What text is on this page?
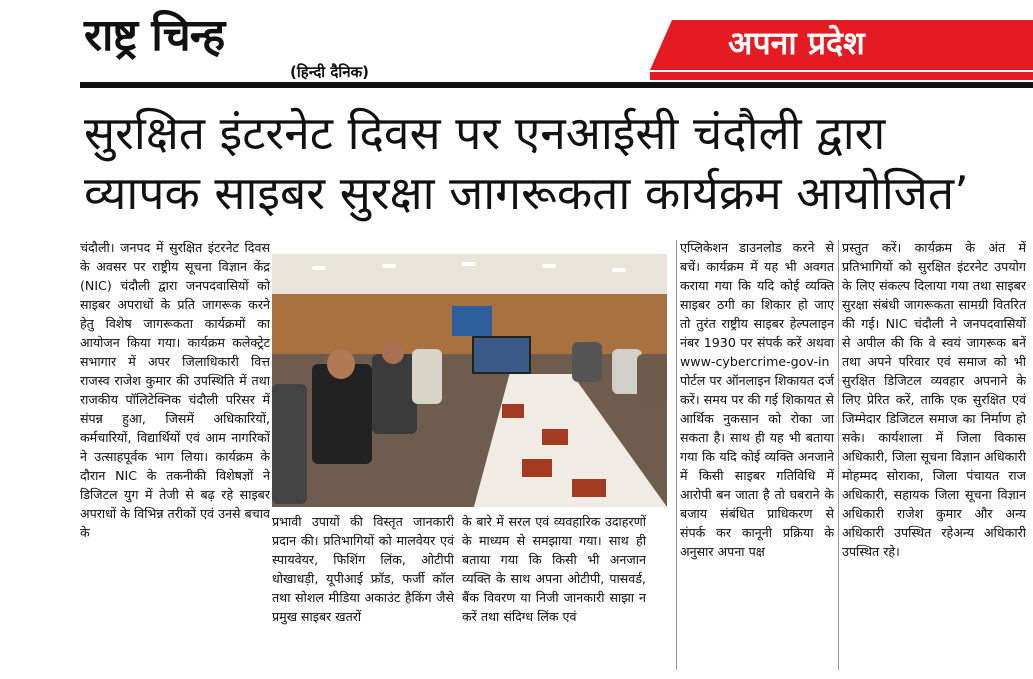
राष्ट्र चिन्ह
(हिन्दी दैनिक)
अपना प्रदेश
सुरक्षित इंटरनेट दिवस पर एनआईसी चंदौली द्वारा
व्यापक साइबर सुरक्षा जागरूकता कार्यक्रम आयोजित’
चंदौली। जनपद में सुरक्षित इंटरनेट दिवस के अवसर पर राष्ट्रीय सूचना विज्ञान केंद्र (NIC) चंदौली द्वारा जनपदवासियों को साइबर अपराधों के प्रति जागरूक करने हेतु विशेष जागरूकता कार्यक्रमों का आयोजन किया गया। कार्यक्रम कलेक्ट्रेट सभागार में अपर जिलाधिकारी वित्त राजस्व राजेश कुमार की उपस्थिति में तथा राजकीय पॉलिटेक्निक चंदौली परिसर में संपन्न हुआ, जिसमें अधिकारियों, कर्मचारियों, विद्यार्थियों एवं आम नागरिकों ने उत्साहपूर्वक भाग लिया। कार्यक्रम के दौरान NIC के तकनीकी विशेषज्ञों ने डिजिटल युग में तेजी से बढ़ रहे साइबर अपराधों के विभिन्न तरीकों एवं उनसे बचाव के
प्रभावी उपायों की विस्तृत जानकारी प्रदान की। प्रतिभागियों को मालवेयर एवं स्पायवेयर, फिशिंग लिंक, ओटीपी धोखाधड़ी, यूपीआई फ्रॉड, फर्जी कॉल तथा सोशल मीडिया अकाउंट हैकिंग जैसे प्रमुख साइबर खतरों
के बारे में सरल एवं व्यवहारिक उदाहरणों के माध्यम से समझाया गया। साथ ही बताया गया कि किसी भी अनजान व्यक्ति के साथ अपना ओटीपी, पासवर्ड, बैंक विवरण या निजी जानकारी साझा न करें तथा संदिग्ध लिंक एवं
एप्लिकेशन डाउनलोड करने से बचें। कार्यक्रम में यह भी अवगत कराया गया कि यदि कोई व्यक्ति साइबर ठगी का शिकार हो जाए तो तुरंत राष्ट्रीय साइबर हेल्पलाइन नंबर 1930 पर संपर्क करें अथवा www-cybercrime-gov-in पोर्टल पर ऑनलाइन शिकायत दर्ज करें। समय पर की गई शिकायत से आर्थिक नुकसान को रोका जा सकता है। साथ ही यह भी बताया गया कि यदि कोई व्यक्ति अनजाने में किसी साइबर गतिविधि में आरोपी बन जाता है तो घबराने के बजाय संबंधित प्राधिकरण से संपर्क कर कानूनी प्रक्रिया के अनुसार अपना पक्ष
प्रस्तुत करें। कार्यक्रम के अंत में प्रतिभागियों को सुरक्षित इंटरनेट उपयोग के लिए संकल्प दिलाया गया तथा साइबर सुरक्षा संबंधी जागरूकता सामग्री वितरित की गई। NIC चंदौली ने जनपदवासियों से अपील की कि वे स्वयं जागरूक बनें तथा अपने परिवार एवं समाज को भी सुरक्षित डिजिटल व्यवहार अपनाने के लिए प्रेरित करें, ताकि एक सुरक्षित एवं जिम्मेदार डिजिटल समाज का निर्माण हो सके। कार्यशाला में जिला विकास अधिकारी, जिला सूचना विज्ञान अधिकारी मोहम्मद सोराका, जिला पंचायत राज अधिकारी, सहायक जिला सूचना विज्ञान अधिकारी राजेश कुमार और अन्य अधिकारी उपस्थित रहेअन्य अधिकारी उपस्थित रहे।
